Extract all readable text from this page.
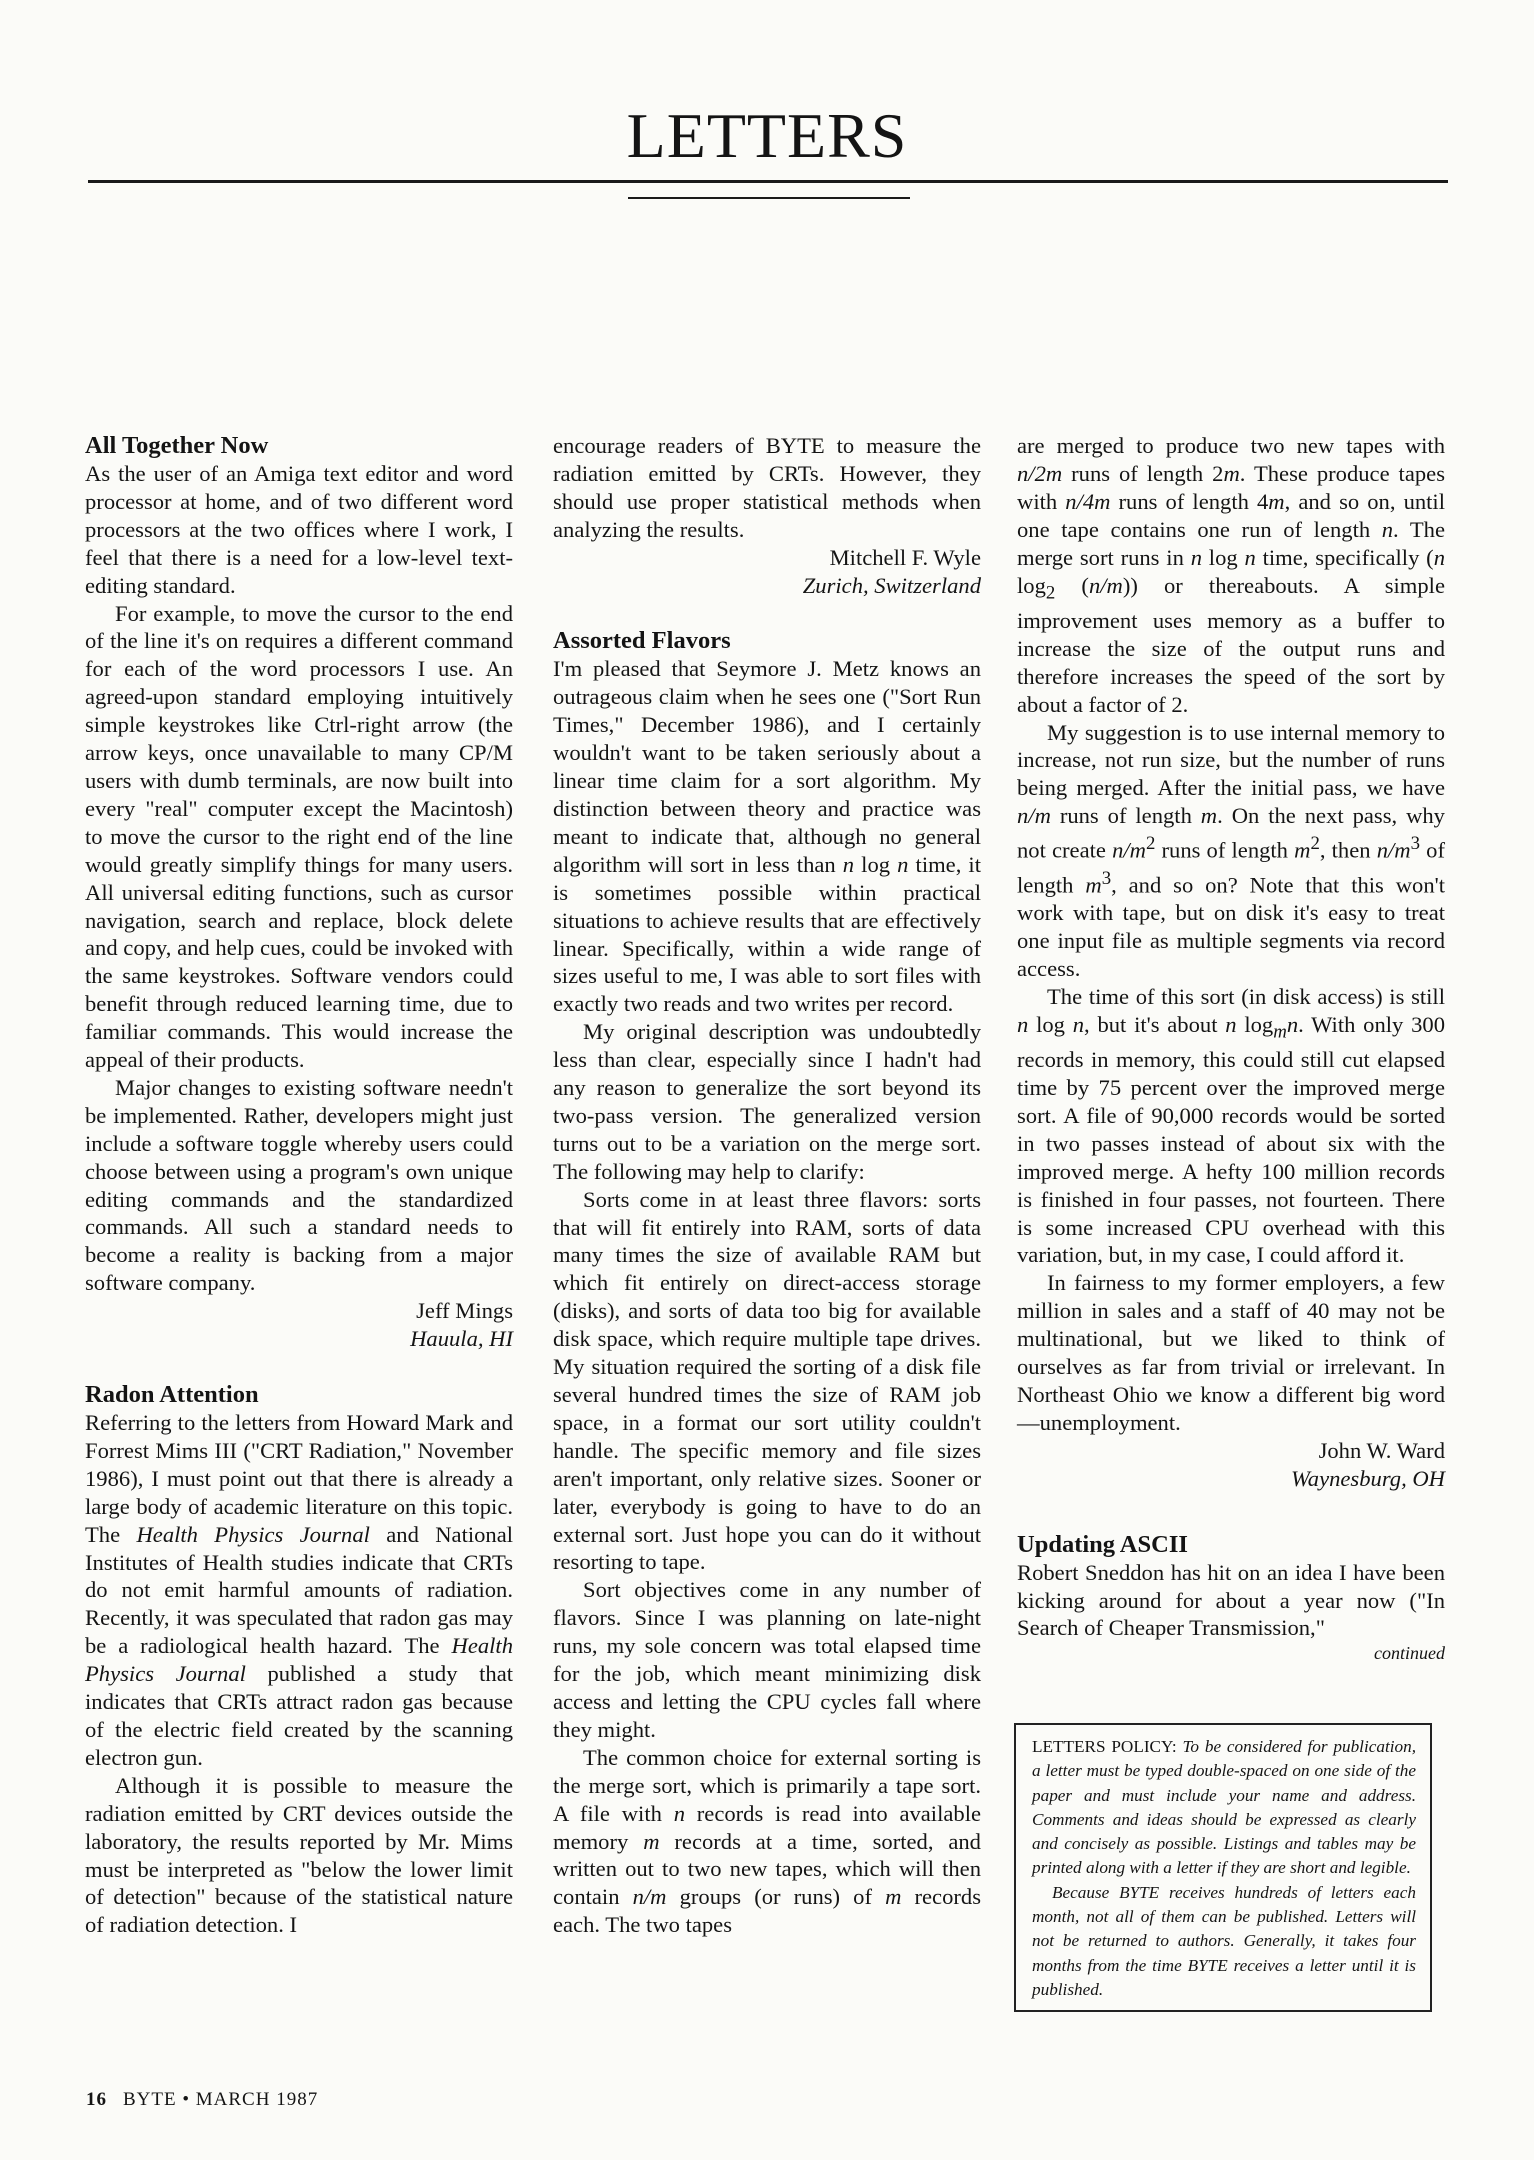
LETTERS
All Together Now

As the user of an Amiga text editor and word processor at home, and of two different word processors at the two offices where I work, I feel that there is a need for a low-level text-editing standard.

For example, to move the cursor to the end of the line it's on requires a different command for each of the word processors I use. An agreed-upon standard employing intuitively simple keystrokes like Ctrl-right arrow (the arrow keys, once unavailable to many CP/M users with dumb terminals, are now built into every "real" computer except the Macintosh) to move the cursor to the right end of the line would greatly simplify things for many users. All universal editing functions, such as cursor navigation, search and replace, block delete and copy, and help cues, could be invoked with the same keystrokes. Software vendors could benefit through reduced learning time, due to familiar commands. This would increase the appeal of their products.

Major changes to existing software needn't be implemented. Rather, developers might just include a software toggle whereby users could choose between using a program's own unique editing commands and the standardized commands. All such a standard needs to become a reality is backing from a major software company.

Jeff Mings
Hauula, HI
Radon Attention

Referring to the letters from Howard Mark and Forrest Mims III ("CRT Radiation," November 1986), I must point out that there is already a large body of academic literature on this topic. The Health Physics Journal and National Institutes of Health studies indicate that CRTs do not emit harmful amounts of radiation. Recently, it was speculated that radon gas may be a radiological health hazard. The Health Physics Journal published a study that indicates that CRTs attract radon gas because of the electric field created by the scanning electron gun.

Although it is possible to measure the radiation emitted by CRT devices outside the laboratory, the results reported by Mr. Mims must be interpreted as "below the lower limit of detection" because of the statistical nature of radiation detection. I

encourage readers of BYTE to measure the radiation emitted by CRTs. However, they should use proper statistical methods when analyzing the results.

Mitchell F. Wyle
Zurich, Switzerland
Assorted Flavors

I'm pleased that Seymore J. Metz knows an outrageous claim when he sees one ("Sort Run Times," December 1986), and I certainly wouldn't want to be taken seriously about a linear time claim for a sort algorithm. My distinction between theory and practice was meant to indicate that, although no general algorithm will sort in less than n log n time, it is sometimes possible within practical situations to achieve results that are effectively linear. Specifically, within a wide range of sizes useful to me, I was able to sort files with exactly two reads and two writes per record.

My original description was undoubtedly less than clear, especially since I hadn't had any reason to generalize the sort beyond its two-pass version. The generalized version turns out to be a variation on the merge sort. The following may help to clarify:

Sorts come in at least three flavors: sorts that will fit entirely into RAM, sorts of data many times the size of available RAM but which fit entirely on direct-access storage (disks), and sorts of data too big for available disk space, which require multiple tape drives. My situation required the sorting of a disk file several hundred times the size of RAM job space, in a format our sort utility couldn't handle. The specific memory and file sizes aren't important, only relative sizes. Sooner or later, everybody is going to have to do an external sort. Just hope you can do it without resorting to tape.

Sort objectives come in any number of flavors. Since I was planning on late-night runs, my sole concern was total elapsed time for the job, which meant minimizing disk access and letting the CPU cycles fall where they might.

The common choice for external sorting is the merge sort, which is primarily a tape sort. A file with n records is read into available memory m records at a time, sorted, and written out to two new tapes, which will then contain n/m groups (or runs) of m records each. The two tapes

are merged to produce two new tapes with n/2m runs of length 2m. These produce tapes with n/4m runs of length 4m, and so on, until one tape contains one run of length n. The merge sort runs in n log n time, specifically (n $\log_2 (n/m)$) or thereabouts. A simple improvement uses memory as a buffer to increase the size of the output runs and therefore increases the speed of the sort by about a factor of 2.

My suggestion is to use internal memory to increase, not run size, but the number of runs being merged. After the initial pass, we have n/m runs of length m. On the next pass, why not create $n/m^2$ runs of length $m^2$, then $n/m^3$ of length $m^3$, and so on? Note that this won't work with tape, but on disk it's easy to treat one input file as multiple segments via record access.

The time of this sort (in disk access) is still n log n, but it's about n $\log_mn$. With only 300 records in memory, this could still cut elapsed time by 75 percent over the improved merge sort. A file of 90,000 records would be sorted in two passes instead of about six with the improved merge. A hefty 100 million records is finished in four passes, not fourteen. There is some increased CPU overhead with this variation, but, in my case, I could afford it.

In fairness to my former employers, a few million in sales and a staff of 40 may not be multinational, but we liked to think of ourselves as far from trivial or irrelevant. In Northeast Ohio we know a different big word—unemployment.

John W. Ward
Waynesburg, OH
Updating ASCII

Robert Sneddon has hit on an idea I have been kicking around for about a year now ("In Search of Cheaper Transmission,"

continued

LETTERS POLICY: To be considered for publication, a letter must be typed double-spaced on one side of the paper and must include your name and address. Comments and ideas should be expressed as clearly and concisely as possible. Listings and tables may be printed along with a letter if they are short and legible.

Because BYTE receives hundreds of letters each month, not all of them can be published. Letters will not be returned to authors. Generally, it takes four months from the time BYTE receives a letter until it is published.

16 BYTE • MARCH 1987
